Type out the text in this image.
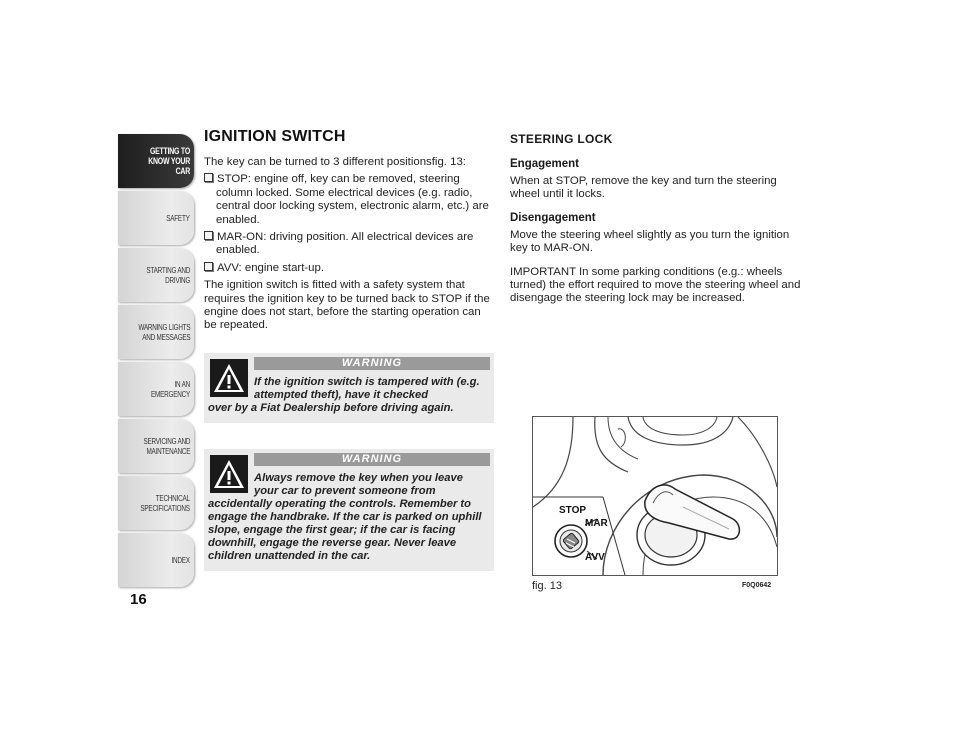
GETTING TO
KNOW YOUR CAR
SAFETY
STARTING AND
DRIVING
WARNING LIGHTS
AND MESSAGES
IN AN EMERGENCY
SERVICING AND
MAINTENANCE
TECHNICAL
SPECIFICATIONS
INDEX
16
IGNITION SWITCH

The key can be turned to 3 different positionsfig. 13:

STOP: engine off, key can be removed, steering column locked. Some electrical devices (e.g. radio, central door locking system, electronic alarm, etc.) are enabled.
MAR-ON: driving position. All electrical devices are enabled.
AVV: engine start-up.

The ignition switch is fitted with a safety system that requires the ignition key to be turned back to STOP if the engine does not start, before the starting operation can be repeated.

WARNING
If the ignition switch is tampered with (e.g. attempted theft), have it checked
over by a Fiat Dealership before driving again.
WARNING
Always remove the key when you leave your car to prevent someone from
accidentally operating the controls. Remember to engage the handbrake. If the car is parked on uphill slope, engage the first gear; if the car is facing downhill, engage the reverse gear. Never leave children unattended in the car.
STEERING LOCK
Engagement

When at STOP, remove the key and turn the steering wheel until it locks.

Disengagement

Move the steering wheel slightly as you turn the ignition key to MAR-ON.

IMPORTANT In some parking conditions (e.g.: wheels turned) the effort required to move the steering wheel and disengage the steering lock may be increased.

STOP
MAR
AVV
fig. 13	F0Q0642
